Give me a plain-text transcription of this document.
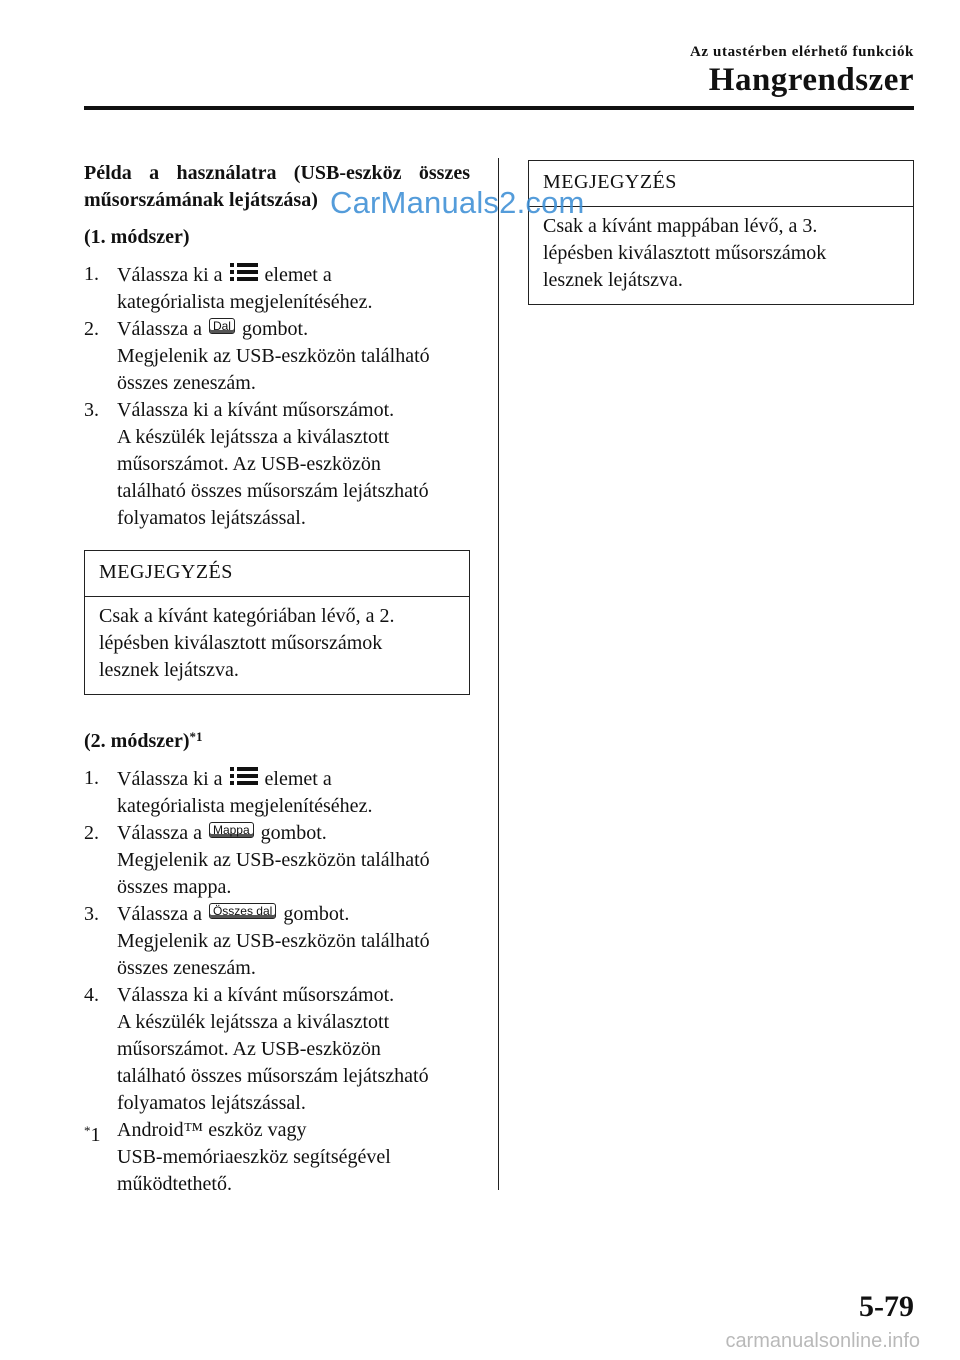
Az utastérben elérhető funkciók
Hangrendszer

Példa a használatra (USB-eszköz összes műsorszámának lejátszása)

(1. módszer)
1. Válassza ki a elemet a
kategórialista megjelenítéséhez.
2. Válassza a Dal gombot.
Megjelenik az USB-eszközön található
összes zeneszám.
3. Válassza ki a kívánt műsorszámot.
A készülék lejátssza a kiválasztott
műsorszámot. Az USB-eszközön
található összes műsorszám lejátszható
folyamatos lejátszással.
MEGJEGYZÉS
Csak a kívánt kategóriában lévő, a 2.
lépésben kiválasztott műsorszámok
lesznek lejátszva.
(2. módszer)$^{*1}$
1. Válassza ki a elemet a
kategórialista megjelenítéséhez.
2. Válassza a Mappa gombot.
Megjelenik az USB-eszközön található
összes mappa.
3. Válassza a Összes dal gombot.
Megjelenik az USB-eszközön található
összes zeneszám.
4. Válassza ki a kívánt műsorszámot.
A készülék lejátssza a kiválasztott
műsorszámot. Az USB-eszközön
található összes műsorszám lejátszható
folyamatos lejátszással.
*1 Android™ eszköz vagy
USB-memóriaeszköz segítségével
működtethető.
MEGJEGYZÉS
Csak a kívánt mappában lévő, a 3.
lépésben kiválasztott műsorszámok
lesznek lejátszva.
CarManuals2.com
5-79
carmanualsonline.info
